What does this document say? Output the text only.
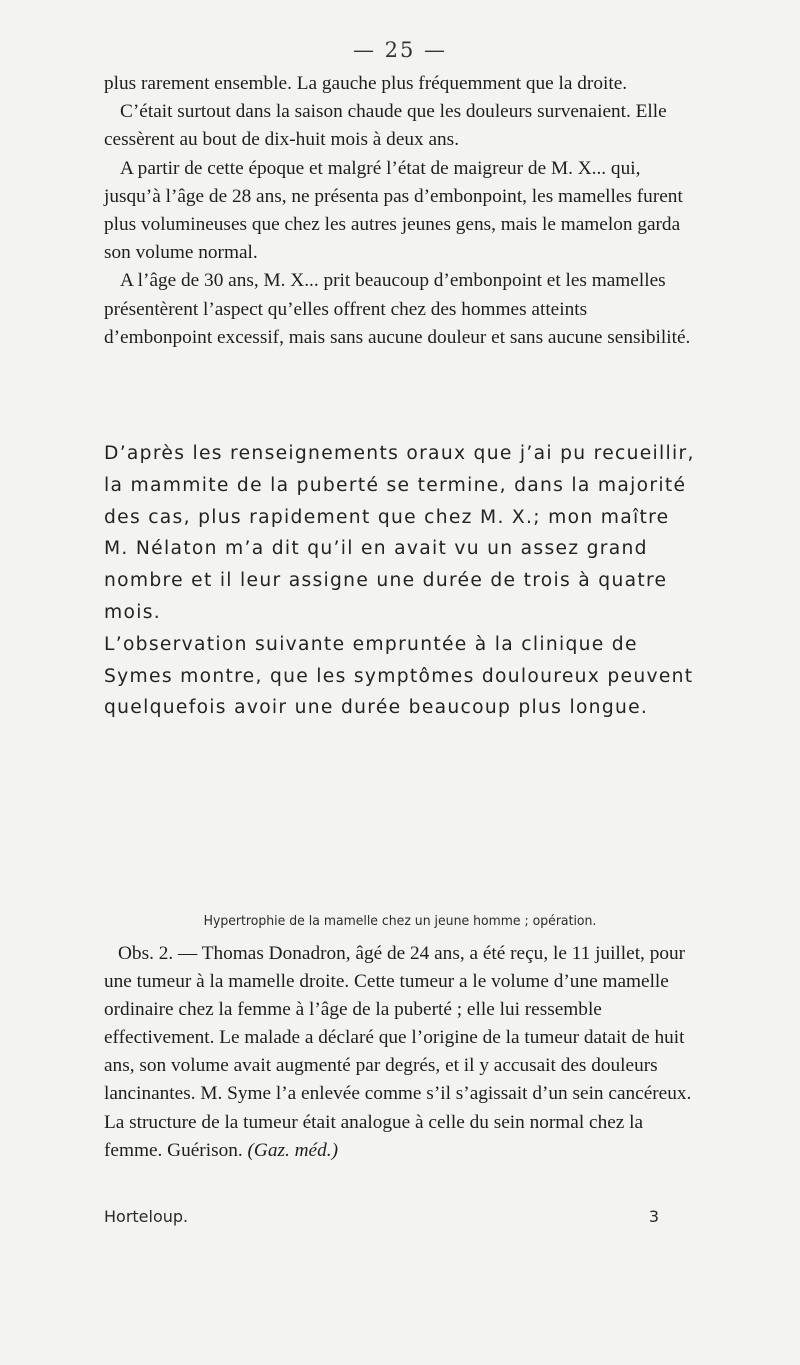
— 25 —

plus rarement ensemble. La gauche plus fréquemment que la droite.

C’était surtout dans la saison chaude que les douleurs survenaient. Elle cessèrent au bout de dix-huit mois à deux ans.

A partir de cette époque et malgré l’état de maigreur de M. X... qui, jusqu’à l’âge de 28 ans, ne présenta pas d’embonpoint, les mamelles furent plus volumineuses que chez les autres jeunes gens, mais le mamelon garda son volume normal.

A l’âge de 30 ans, M. X... prit beaucoup d’embonpoint et les mamelles présentèrent l’aspect qu’elles offrent chez des hommes atteints d’embonpoint excessif, mais sans aucune douleur et sans aucune sensibilité.

D’après les renseignements oraux que j’ai pu recueillir, la mammite de la puberté se termine, dans la majorité des cas, plus rapidement que chez M. X.; mon maître M. Nélaton m’a dit qu’il en avait vu un assez grand nombre et il leur assigne une durée de trois à quatre mois.

L’observation suivante empruntée à la clinique de Symes montre, que les symptômes douloureux peuvent quelquefois avoir une durée beaucoup plus longue.

Hypertrophie de la mamelle chez un jeune homme ; opération.

Obs. 2. — Thomas Donadron, âgé de 24 ans, a été reçu, le 11 juillet, pour une tumeur à la mamelle droite. Cette tumeur a le volume d’une mamelle ordinaire chez la femme à l’âge de la puberté ; elle lui ressemble effectivement. Le malade a déclaré que l’origine de la tumeur datait de huit ans, son volume avait augmenté par degrés, et il y accusait des douleurs lancinantes. M. Syme l’a enlevée comme s’il s’agissait d’un sein cancéreux. La structure de la tumeur était analogue à celle du sein normal chez la femme. Guérison. (Gaz. méd.)

Horteloup.	3
